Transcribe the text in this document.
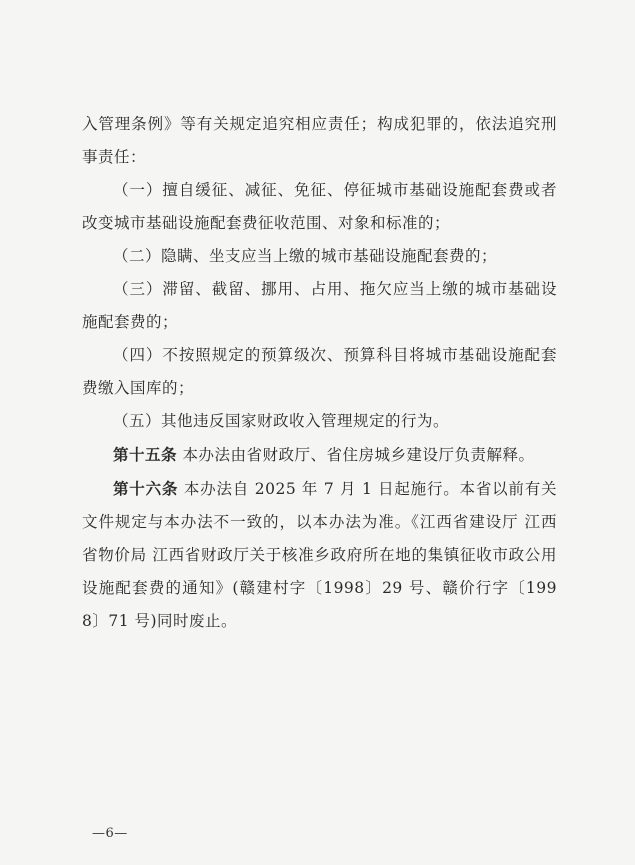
入管理条例》等有关规定追究相应责任；构成犯罪的，依法追究刑事责任：

（一）擅自缓征、减征、免征、停征城市基础设施配套费或者改变城市基础设施配套费征收范围、对象和标准的；

（二）隐瞒、坐支应当上缴的城市基础设施配套费的；

（三）滞留、截留、挪用、占用、拖欠应当上缴的城市基础设施配套费的；

（四）不按照规定的预算级次、预算科目将城市基础设施配套费缴入国库的；

（五）其他违反国家财政收入管理规定的行为。

第十五条 本办法由省财政厅、省住房城乡建设厅负责解释。

第十六条 本办法自 2025 年 7 月 1 日起施行。本省以前有关文件规定与本办法不一致的，以本办法为准。《江西省建设厅 江西省物价局 江西省财政厅关于核准乡政府所在地的集镇征收市政公用设施配套费的通知》(赣建村字〔1998〕29 号、赣价行字〔1998〕71 号)同时废止。

—6—
